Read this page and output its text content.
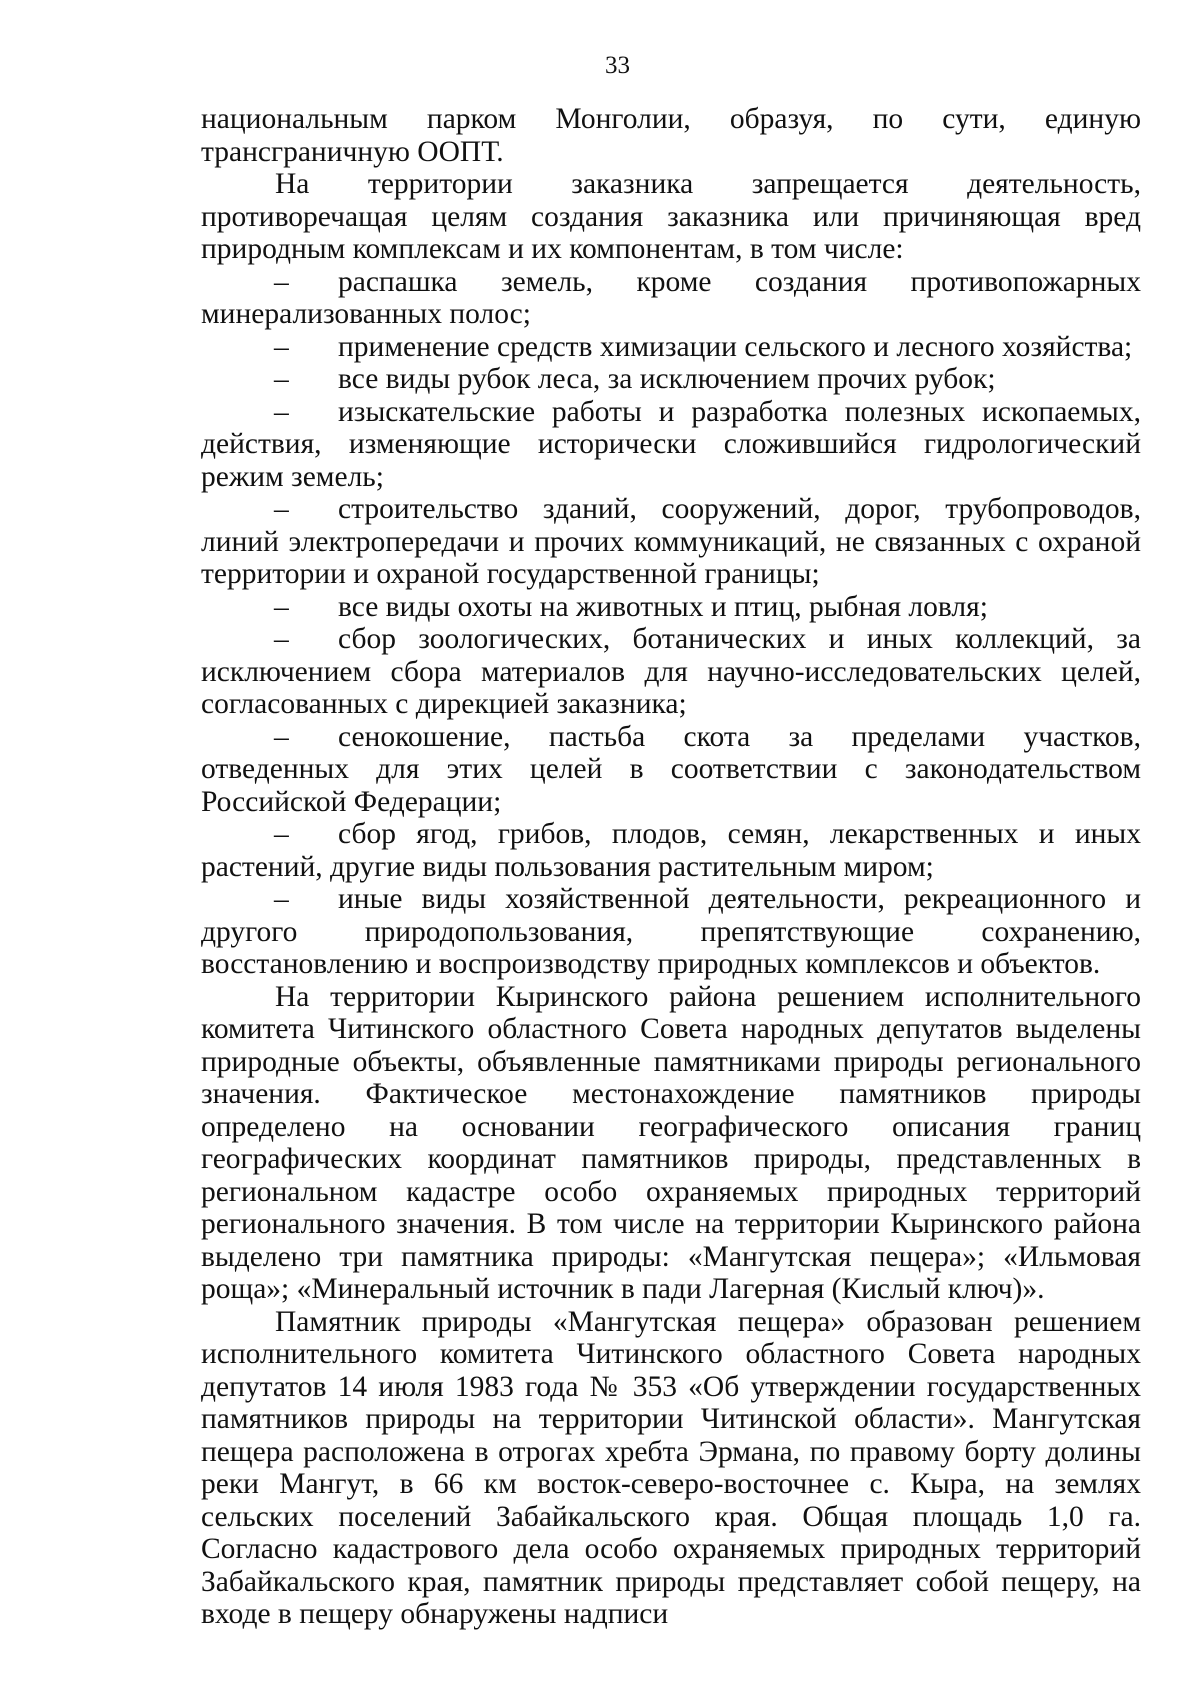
33

национальным парком Монголии, образуя, по сути, единую трансграничную ООПТ.

На территории заказника запрещается деятельность, противоречащая целям создания заказника или причиняющая вред природным комплексам и их компонентам, в том числе:

– распашка земель, кроме создания противопожарных минерализованных полос;

– применение средств химизации сельского и лесного хозяйства;

– все виды рубок леса, за исключением прочих рубок;

– изыскательские работы и разработка полезных ископаемых, действия, изменяющие исторически сложившийся гидрологический режим земель;

– строительство зданий, сооружений, дорог, трубопроводов, линий электропередачи и прочих коммуникаций, не связанных с охраной территории и охраной государственной границы;

– все виды охоты на животных и птиц, рыбная ловля;

– сбор зоологических, ботанических и иных коллекций, за исключением сбора материалов для научно-исследовательских целей, согласованных с дирекцией заказника;

– сенокошение, пастьба скота за пределами участков, отведенных для этих целей в соответствии с законодательством Российской Федерации;

– сбор ягод, грибов, плодов, семян, лекарственных и иных растений, другие виды пользования растительным миром;

– иные виды хозяйственной деятельности, рекреационного и другого природопользования, препятствующие сохранению, восстановлению и воспроизводству природных комплексов и объектов.

На территории Кыринского района решением исполнительного комитета Читинского областного Совета народных депутатов выделены природные объекты, объявленные памятниками природы регионального значения. Фактическое местонахождение памятников природы определено на основании географического описания границ географических координат памятников природы, представленных в региональном кадастре особо охраняемых природных территорий регионального значения. В том числе на территории Кыринского района выделено три памятника природы: «Мангутская пещера»; «Ильмовая роща»; «Минеральный источник в пади Лагерная (Кислый ключ)».

Памятник природы «Мангутская пещера» образован решением исполнительного комитета Читинского областного Совета народных депутатов 14 июля 1983 года № 353 «Об утверждении государственных памятников природы на территории Читинской области». Мангутская пещера расположена в отрогах хребта Эрмана, по правому борту долины реки Мангут, в 66 км восток-северо-восточнее с. Кыра, на землях сельских поселений Забайкальского края. Общая площадь 1,0 га. Согласно кадастрового дела особо охраняемых природных территорий Забайкальского края, памятник природы представляет собой пещеру, на входе в пещеру обнаружены надписи
